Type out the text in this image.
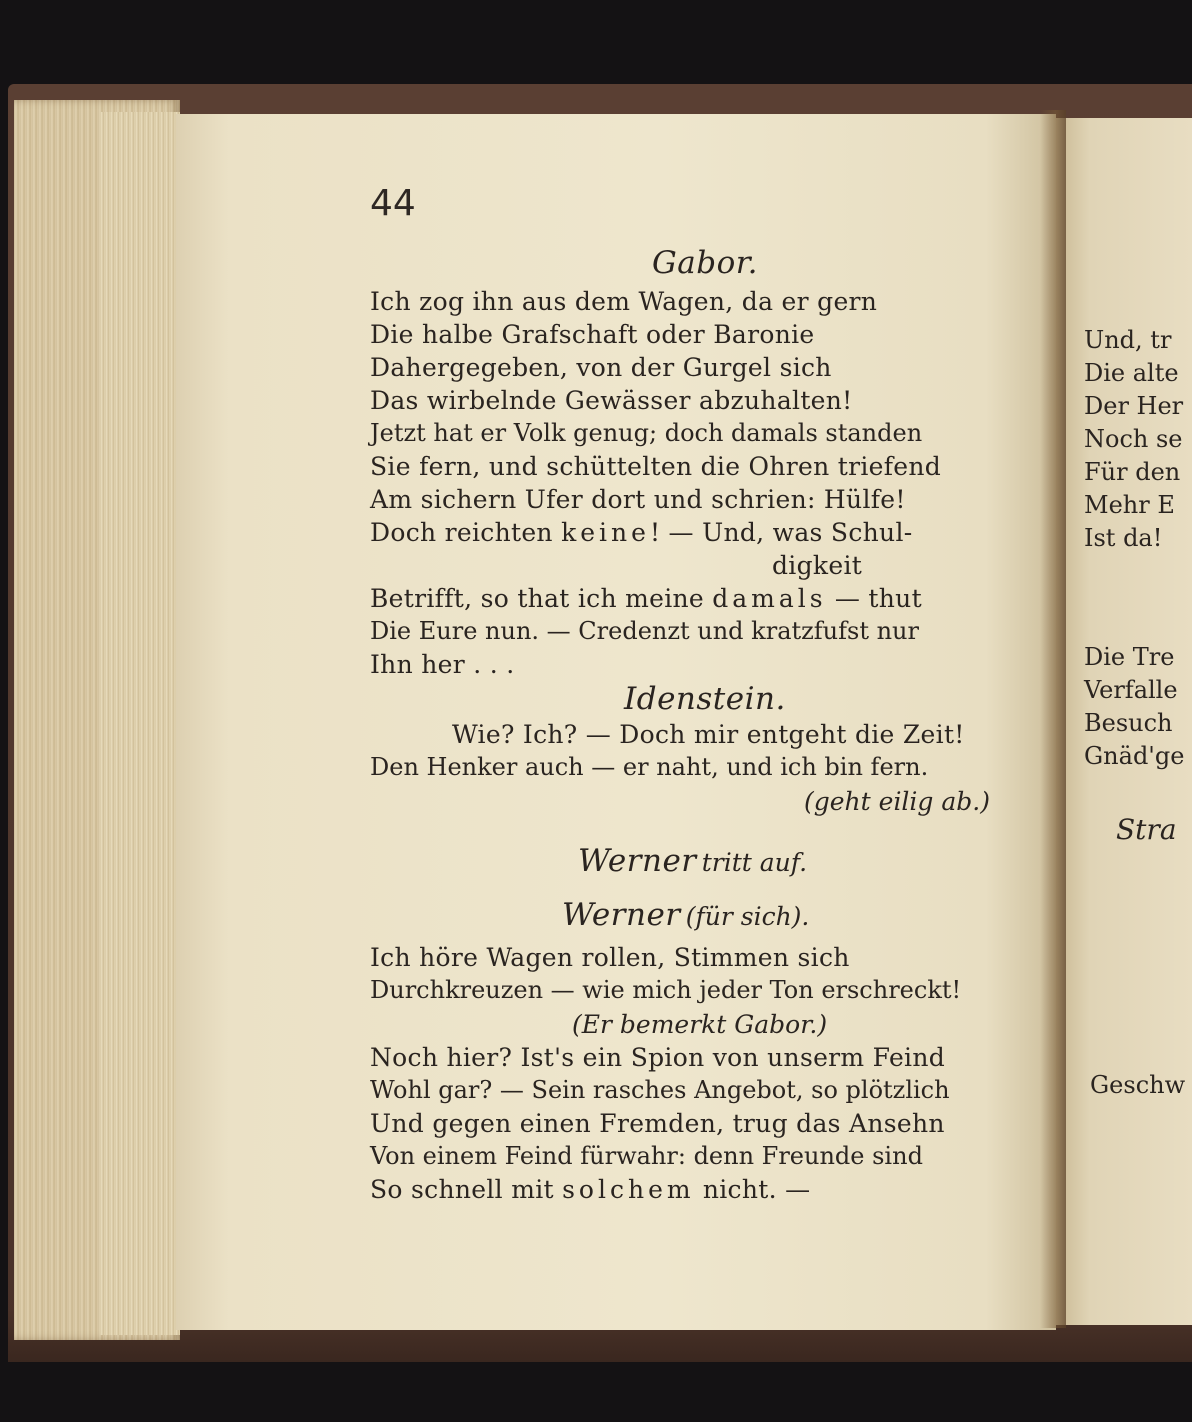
44
Gabor.
Ich zog ihn aus dem Wagen, da er gern
Die halbe Grafschaft oder Baronie
Dahergegeben, von der Gurgel sich
Das wirbelnde Gewässer abzuhalten!
Jetzt hat er Volk genug; doch damals standen
Sie fern, und schüttelten die Ohren triefend
Am sichern Ufer dort und schrien: Hülfe!
Doch reichten keine! — Und, was Schul-
digkeit
Betrifft, so that ich meine damals — thut
Die Eure nun. — Credenzt und kratzfufst nur
Ihn her . . .
Idenstein.
Wie? Ich? — Doch mir entgeht die Zeit!
Den Henker auch — er naht, und ich bin fern.
(geht eilig ab.)
Werner tritt auf.
Werner (für sich).
Ich höre Wagen rollen, Stimmen sich
Durchkreuzen — wie mich jeder Ton erschreckt!
(Er bemerkt Gabor.)
Noch hier? Ist's ein Spion von unserm Feind
Wohl gar? — Sein rasches Angebot, so plötzlich
Und gegen einen Fremden, trug das Ansehn
Von einem Feind fürwahr: denn Freunde sind
So schnell mit solchem nicht. —
Und, tr
Die alte
Der Her
Noch se
Für den
Mehr E
Ist da!
Die Tre
Verfalle
Besuch
Gnäd'ge
Stra
Geschw
